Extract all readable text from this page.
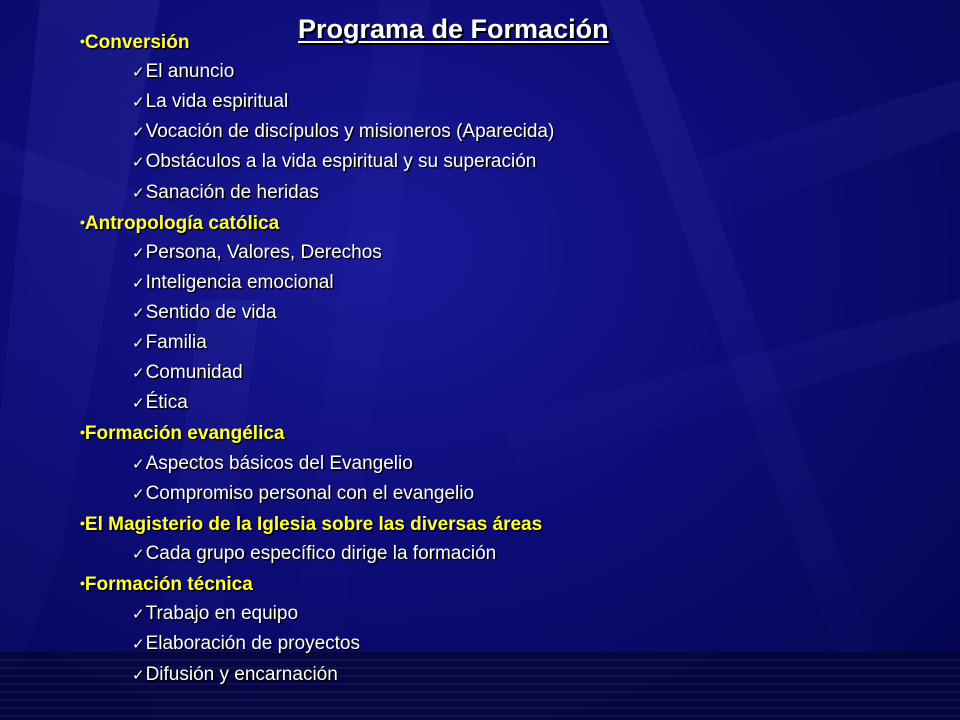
Programa de Formación
•Conversión
✓El anuncio
✓La vida espiritual
✓Vocación de discípulos y misioneros (Aparecida)
✓Obstáculos a la vida espiritual y su superación
✓Sanación de heridas
•Antropología católica
✓Persona, Valores, Derechos
✓Inteligencia emocional
✓Sentido de vida
✓Familia
✓Comunidad
✓Ética
•Formación evangélica
✓Aspectos básicos del Evangelio
✓Compromiso personal con el evangelio
•El Magisterio de la Iglesia sobre las diversas áreas
✓Cada grupo específico dirige la formación
•Formación técnica
✓Trabajo en equipo
✓Elaboración de proyectos
✓Difusión y encarnación
